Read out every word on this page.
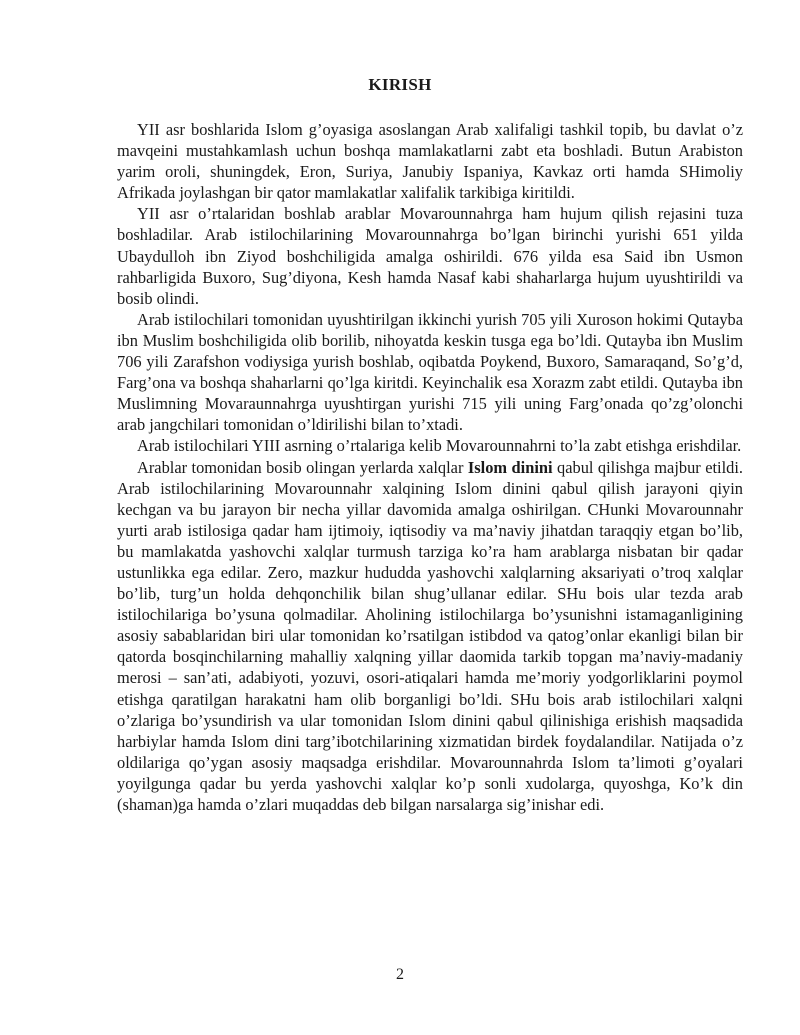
KIRISH

YII asr boshlarida Islom g’oyasiga asoslangan Arab xalifaligi tashkil topib, bu davlat o’z mavqeini mustahkamlash uchun boshqa mamlakatlarni zabt eta boshladi. Butun Arabiston yarim oroli, shuningdek, Eron, Suriya, Janubiy Ispaniya, Kavkaz orti hamda SHimoliy Afrikada joylashgan bir qator mamlakatlar xalifalik tarkibiga kiritildi.

YII asr o’rtalaridan boshlab arablar Movarounnahrga ham hujum qilish rejasini tuza boshladilar. Arab istilochilarining Movarounnahrga bo’lgan birinchi yurishi 651 yilda Ubaydulloh ibn Ziyod boshchiligida amalga oshirildi. 676 yilda esa Said ibn Usmon rahbarligida Buxoro, Sug’diyona, Kesh hamda Nasaf kabi shaharlarga hujum uyushtirildi va bosib olindi.

Arab istilochilari tomonidan uyushtirilgan ikkinchi yurish 705 yili Xuroson hokimi Qutayba ibn Muslim boshchiligida olib borilib, nihoyatda keskin tusga ega bo’ldi. Qutayba ibn Muslim 706 yili Zarafshon vodiysiga yurish boshlab, oqibatda Poykend, Buxoro, Samaraqand, So’g’d, Farg’ona va boshqa shaharlarni qo’lga kiritdi. Keyinchalik esa Xorazm zabt etildi. Qutayba ibn Muslimning Movaraunnahrga uyushtirgan yurishi 715 yili uning Farg’onada qo’zg’olonchi arab jangchilari tomonidan o’ldirilishi bilan to’xtadi.

Arab istilochilari YIII asrning o’rtalariga kelib Movarounnahrni to’la zabt etishga erishdilar.

Arablar tomonidan bosib olingan yerlarda xalqlar Islom dinini qabul qilishga majbur etildi. Arab istilochilarining Movarounnahr xalqining Islom dinini qabul qilish jarayoni qiyin kechgan va bu jarayon bir necha yillar davomida amalga oshirilgan. CHunki Movarounnahr yurti arab istilosiga qadar ham ijtimoiy, iqtisodiy va ma’naviy jihatdan taraqqiy etgan bo’lib, bu mamlakatda yashovchi xalqlar turmush tarziga ko’ra ham arablarga nisbatan bir qadar ustunlikka ega edilar. Zero, mazkur hududda yashovchi xalqlarning aksariyati o’troq xalqlar bo’lib, turg’un holda dehqonchilik bilan shug’ullanar edilar. SHu bois ular tezda arab istilochilariga bo’ysuna qolmadilar. Aholining istilochilarga bo’ysunishni istamaganligining asosiy sabablaridan biri ular tomonidan ko’rsatilgan istibdod va qatog’onlar ekanligi bilan bir qatorda bosqinchilarning mahalliy xalqning yillar daomida tarkib topgan ma’naviy-madaniy merosi – san’ati, adabiyoti, yozuvi, osori-atiqalari hamda me’moriy yodgorliklarini poymol etishga qaratilgan harakatni ham olib borganligi bo’ldi. SHu bois arab istilochilari xalqni o’zlariga bo’ysundirish va ular tomonidan Islom dinini qabul qilinishiga erishish maqsadida harbiylar hamda Islom dini targ’ibotchilarining xizmatidan birdek foydalandilar. Natijada o’z oldilariga qo’ygan asosiy maqsadga erishdilar. Movarounnahrda Islom ta’limoti g’oyalari yoyilgunga qadar bu yerda yashovchi xalqlar ko’p sonli xudolarga, quyoshga, Ko’k din (shaman)ga hamda o’zlari muqaddas deb bilgan narsalarga sig’inishar edi.

2
